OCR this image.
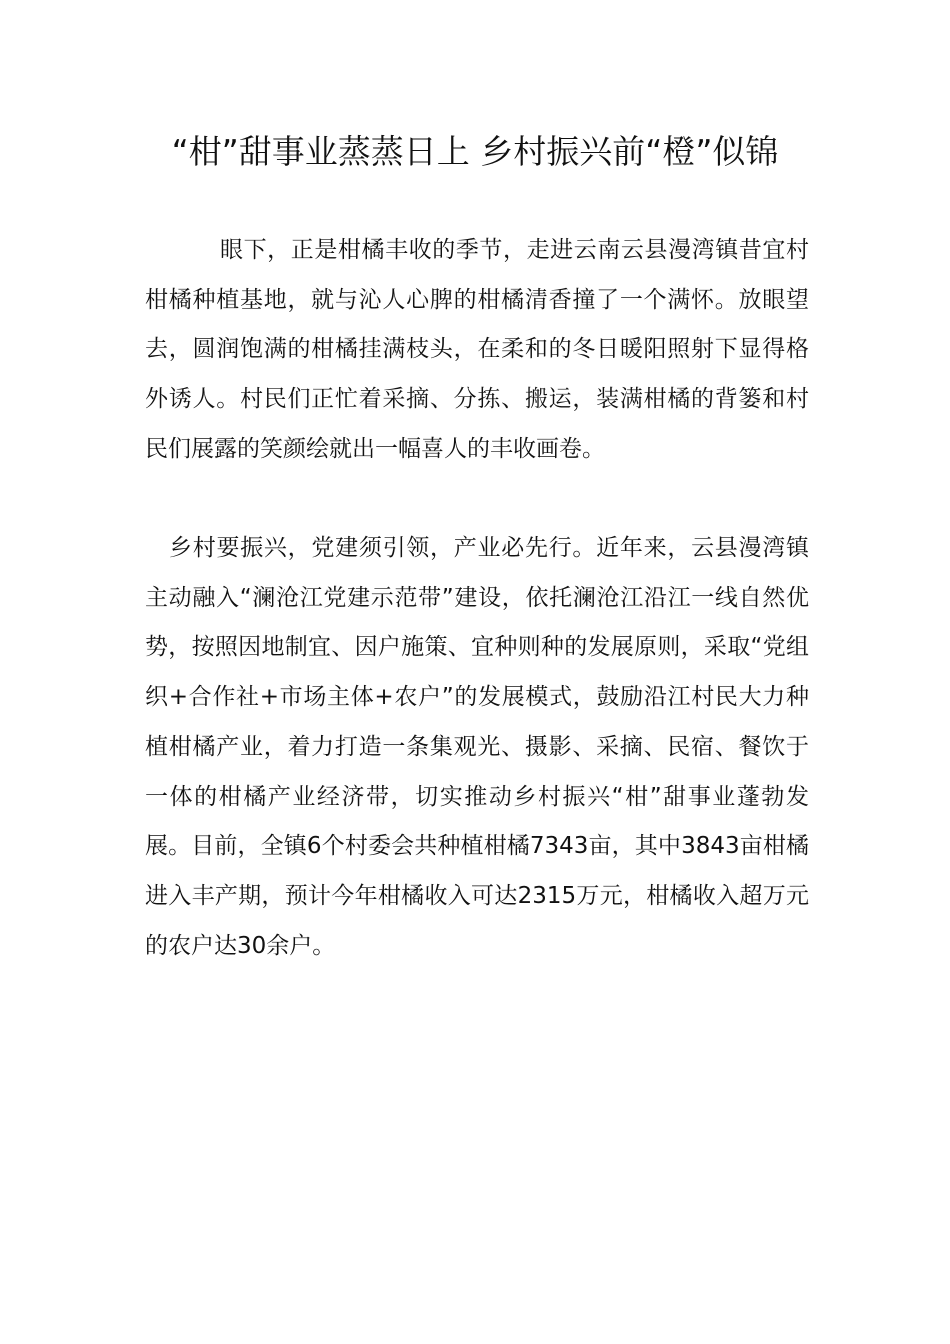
“柑”甜事业蒸蒸日上 乡村振兴前“橙”似锦

眼下，正是柑橘丰收的季节，走进云南云县漫湾镇昔宜村柑橘种植基地，就与沁人心脾的柑橘清香撞了一个满怀。放眼望去，圆润饱满的柑橘挂满枝头，在柔和的冬日暖阳照射下显得格外诱人。村民们正忙着采摘、分拣、搬运，装满柑橘的背篓和村民们展露的笑颜绘就出一幅喜人的丰收画卷。

乡村要振兴，党建须引领，产业必先行。近年来，云县漫湾镇主动融入“澜沧江党建示范带”建设，依托澜沧江沿江一线自然优势，按照因地制宜、因户施策、宜种则种的发展原则，采取“党组织+合作社+市场主体+农户”的发展模式，鼓励沿江村民大力种植柑橘产业，着力打造一条集观光、摄影、采摘、民宿、餐饮于一体的柑橘产业经济带，切实推动乡村振兴“柑”甜事业蓬勃发展。目前，全镇6个村委会共种植柑橘7343亩，其中3843亩柑橘进入丰产期，预计今年柑橘收入可达2315万元，柑橘收入超万元的农户达30余户。
